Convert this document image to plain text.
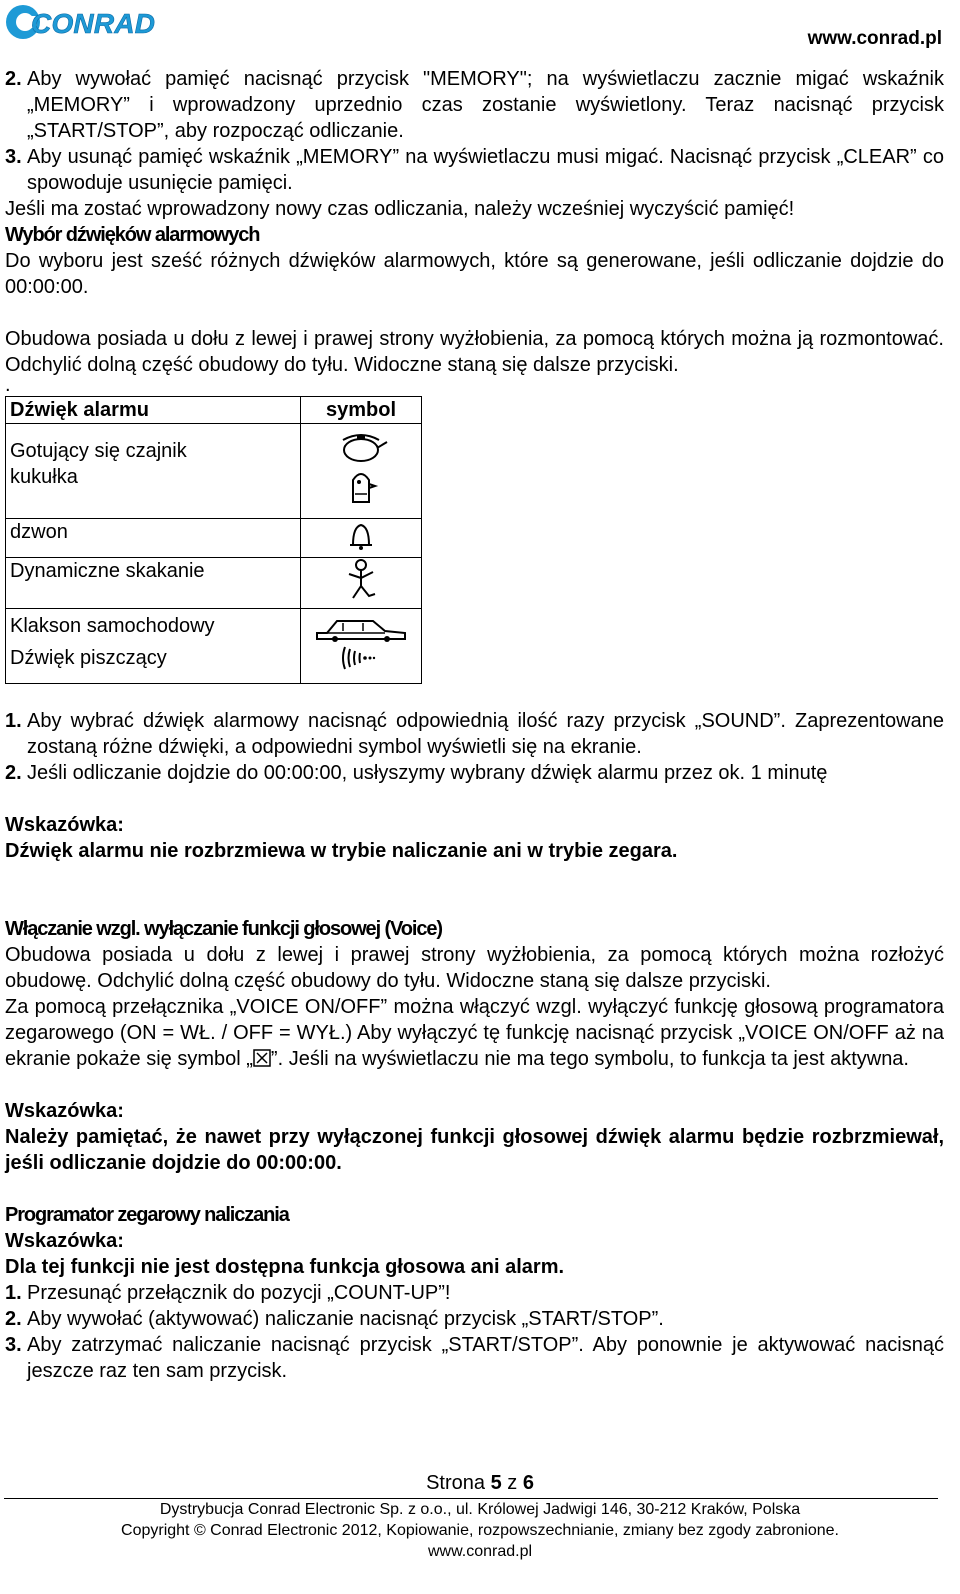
CONRAD	www.conrad.pl
2. Aby wywołać pamięć nacisnąć przycisk "MEMORY"; na wyświetlaczu zacznie migać wskaźnik „MEMORY” i wprowadzony uprzednio czas zostanie wyświetlony. Teraz nacisnąć przycisk „START/STOP”, aby rozpocząć odliczanie.
3. Aby usunąć pamięć wskaźnik „MEMORY” na wyświetlaczu musi migać. Nacisnąć przycisk „CLEAR” co spowoduje usunięcie pamięci.

Jeśli ma zostać wprowadzony nowy czas odliczania, należy wcześniej wyczyścić pamięć!

Wybór dźwięków alarmowych

Do wyboru jest sześć różnych dźwięków alarmowych, które są generowane, jeśli odliczanie dojdzie do 00:00:00.

Obudowa posiada u dołu z lewej i prawej strony wyżłobienia, za pomocą których można ją rozmontować. Odchylić dolną część obudowy do tyłu. Widoczne staną się dalsze przyciski.

.

Dźwięk alarmu	symbol

Gotujący się czajnik
kukułka

dzwon	

Dynamiczne skakanie	

Klakson samochodowy
Dźwięk piszczący

1. Aby wybrać dźwięk alarmowy nacisnąć odpowiednią ilość razy przycisk „SOUND”. Zaprezentowane zostaną różne dźwięki, a odpowiedni symbol wyświetli się na ekranie.
2. Jeśli odliczanie dojdzie do 00:00:00, usłyszymy wybrany dźwięk alarmu przez ok. 1 minutę

Wskazówka:

Dźwięk alarmu nie rozbrzmiewa w trybie naliczanie ani w trybie zegara.

Włączanie wzgl. wyłączanie funkcji głosowej (Voice)

Obudowa posiada u dołu z lewej i prawej strony wyżłobienia, za pomocą których można rozłożyć obudowę. Odchylić dolną część obudowy do tyłu. Widoczne staną się dalsze przyciski.

Za pomocą przełącznika „VOICE ON/OFF” można włączyć wzgl. wyłączyć funkcję głosową programatora zegarowego (ON = WŁ. / OFF = WYŁ.) Aby wyłączyć tę funkcję nacisnąć przycisk „VOICE ON/OFF aż na ekranie pokaże się symbol „ ”. Jeśli na wyświetlaczu nie ma tego symbolu, to funkcja ta jest aktywna.

Wskazówka:

Należy pamiętać, że nawet przy wyłączonej funkcji głosowej dźwięk alarmu będzie rozbrzmiewał, jeśli odliczanie dojdzie do 00:00:00.

Programator zegarowy naliczania

Wskazówka:

Dla tej funkcji nie jest dostępna funkcja głosowa ani alarm.

1. Przesunąć przełącznik do pozycji „COUNT-UP”!
2. Aby wywołać (aktywować) naliczanie nacisnąć przycisk „START/STOP”.
3. Aby zatrzymać naliczanie nacisnąć przycisk „START/STOP”. Aby ponownie je aktywować nacisnąć jeszcze raz ten sam przycisk.
Strona 5 z 6
Dystrybucja Conrad Electronic Sp. z o.o., ul. Królowej Jadwigi 146, 30-212 Kraków, Polska
Copyright © Conrad Electronic 2012, Kopiowanie, rozpowszechnianie, zmiany bez zgody zabronione.
www.conrad.pl
